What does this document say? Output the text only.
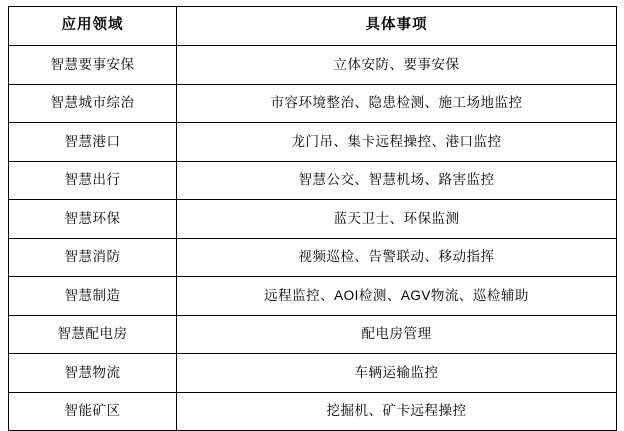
应用领域	具体事项
智慧要事安保	立体安防、要事安保
智慧城市综治	市容环境整治、隐患检测、施工场地监控
智慧港口	龙门吊、集卡远程操控、港口监控
智慧出行	智慧公交、智慧机场、路害监控
智慧环保	蓝天卫士、环保监测
智慧消防	视频巡检、告警联动、移动指挥
智慧制造	远程监控、AOI检测、AGV物流、巡检辅助
智慧配电房	配电房管理
智慧物流	车辆运输监控
智能矿区	挖掘机、矿卡远程操控
